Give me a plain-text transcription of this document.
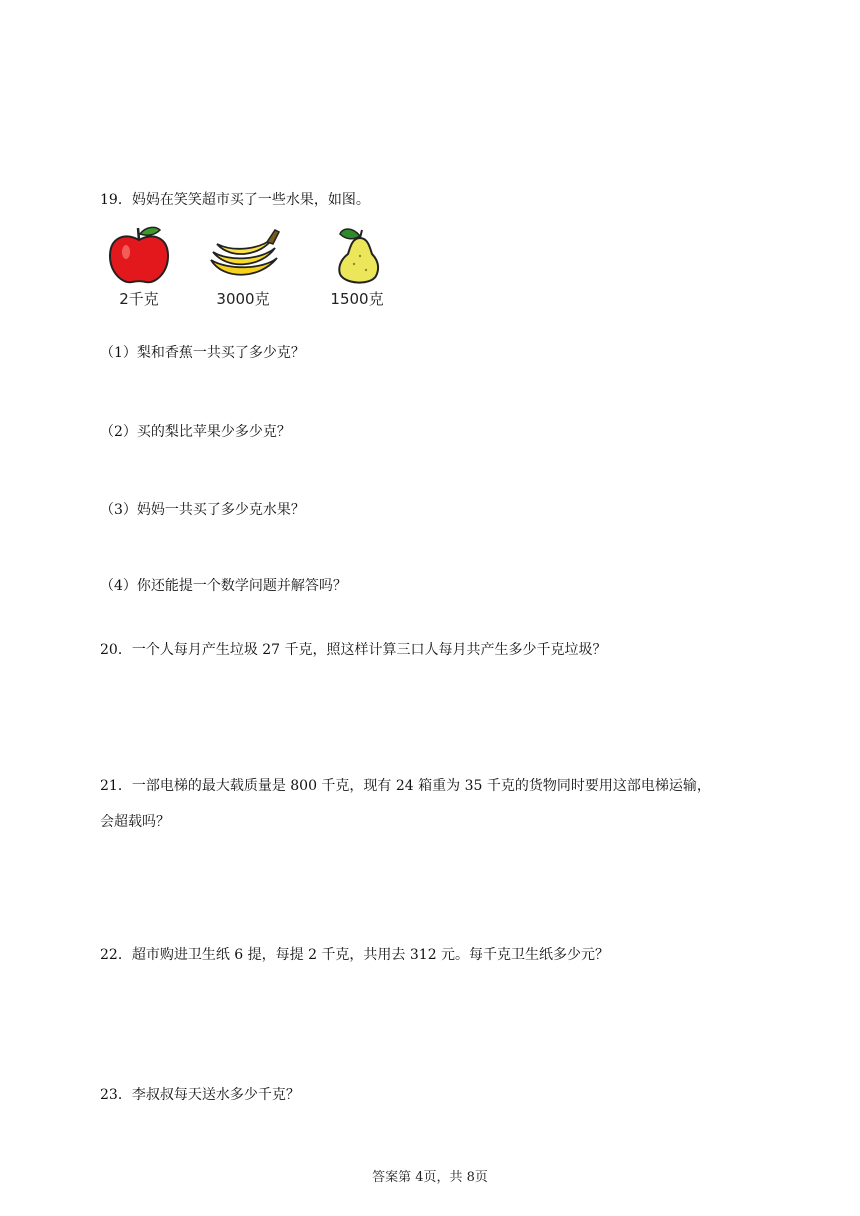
19．妈妈在笑笑超市买了一些水果，如图。
2千克	3000克	1500克
（1）梨和香蕉一共买了多少克？
（2）买的梨比苹果少多少克？
（3）妈妈一共买了多少克水果？
（4）你还能提一个数学问题并解答吗？
20．一个人每月产生垃圾 27 千克，照这样计算三口人每月共产生多少千克垃圾？
21．一部电梯的最大载质量是 800 千克，现有 24 箱重为 35 千克的货物同时要用这部电梯运输，
会超载吗？
22．超市购进卫生纸 6 提，每提 2 千克，共用去 312 元。每千克卫生纸多少元？
23．李叔叔每天送水多少千克？
答案第 4页，共 8页
